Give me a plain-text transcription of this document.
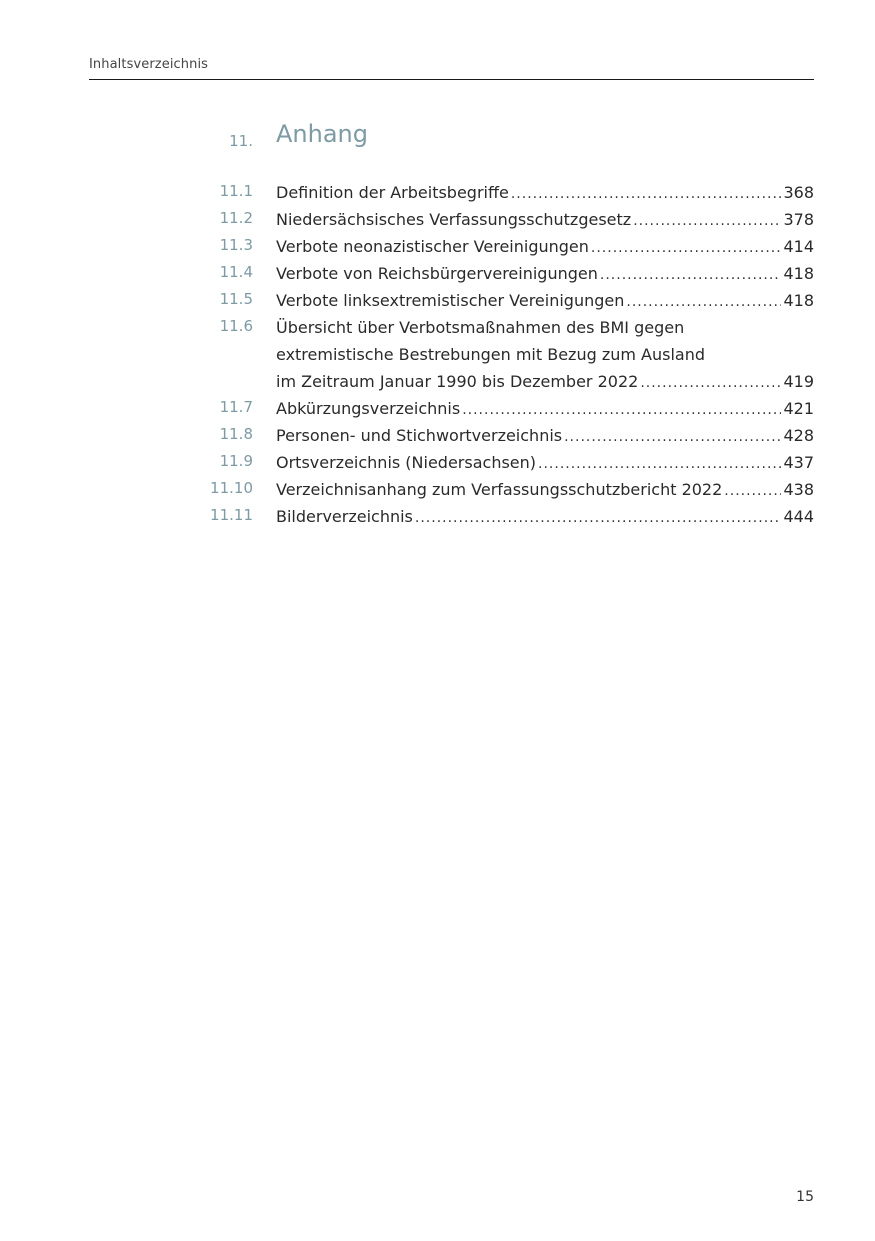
Inhaltsverzeichnis
11. Anhang
11.1 Definition der Arbeitsbegriffe .....	368
11.2 Niedersächsisches Verfassungsschutzgesetz .....	378
11.3 Verbote neonazistischer Vereinigungen .....	414
11.4 Verbote von Reichsbürgervereinigungen .....	418
11.5 Verbote linksextremistischer Vereinigungen .....	418
11.6 Übersicht über Verbotsmaßnahmen des BMI gegen
extremistische Bestrebungen mit Bezug zum Ausland
im Zeitraum Januar 1990 bis Dezember 2022 .....	419
11.7 Abkürzungsverzeichnis .....	421
11.8 Personen- und Stichwortverzeichnis .....	428
11.9 Ortsverzeichnis (Niedersachsen) .....	437
11.10 Verzeichnisanhang zum Verfassungsschutzbericht 2022 .....	438
11.11 Bilderverzeichnis .....	444
15
